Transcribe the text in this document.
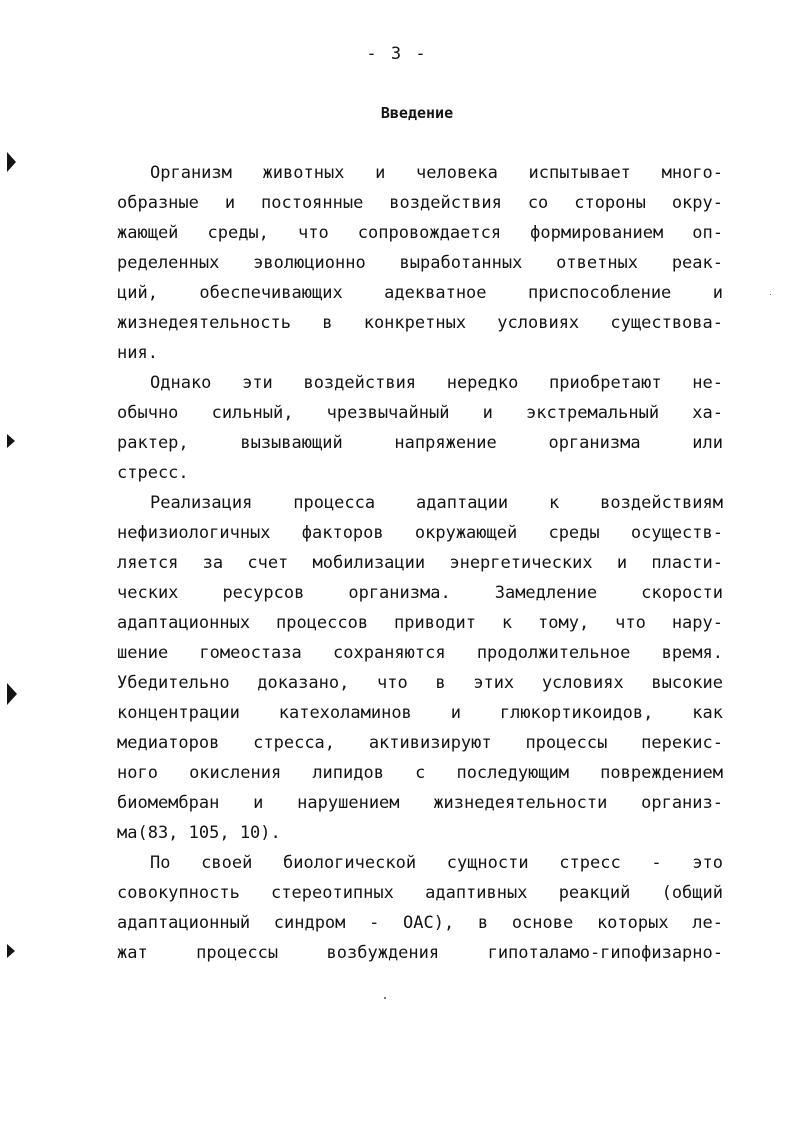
- 3 -
Введение
Организм животных и человека испытывает много-
образные и постоянные воздействия со стороны окру-
жающей среды, что сопровождается формированием оп-
ределенных эволюционно выработанных ответных реак-
ций, обеспечивающих адекватное приспособление и
жизнедеятельность в конкретных условиях существова-
ния.
Однако эти воздействия нередко приобретают не-
обычно сильный, чрезвычайный и экстремальный ха-
рактер, вызывающий напряжение организма или
стресс.
Реализация процесса адаптации к воздействиям
нефизиологичных факторов окружающей среды осуществ-
ляется за счет мобилизации энергетических и пласти-
ческих ресурсов организма. Замедление скорости
адаптационных процессов приводит к тому, что нару-
шение гомеостаза сохраняются продолжительное время.
Убедительно доказано, что в этих условиях высокие
концентрации катехоламинов и глюкортикоидов, как
медиаторов стресса, активизируют процессы перекис-
ного окисления липидов с последующим повреждением
биомембран и нарушением жизнедеятельности организ-
ма(83, 105, 10).
По своей биологической сущности стресс - это
совокупность стереотипных адаптивных реакций (общий
адаптационный синдром - ОАС), в основе которых ле-
жат процессы возбуждения гипоталамо-гипофизарно-
